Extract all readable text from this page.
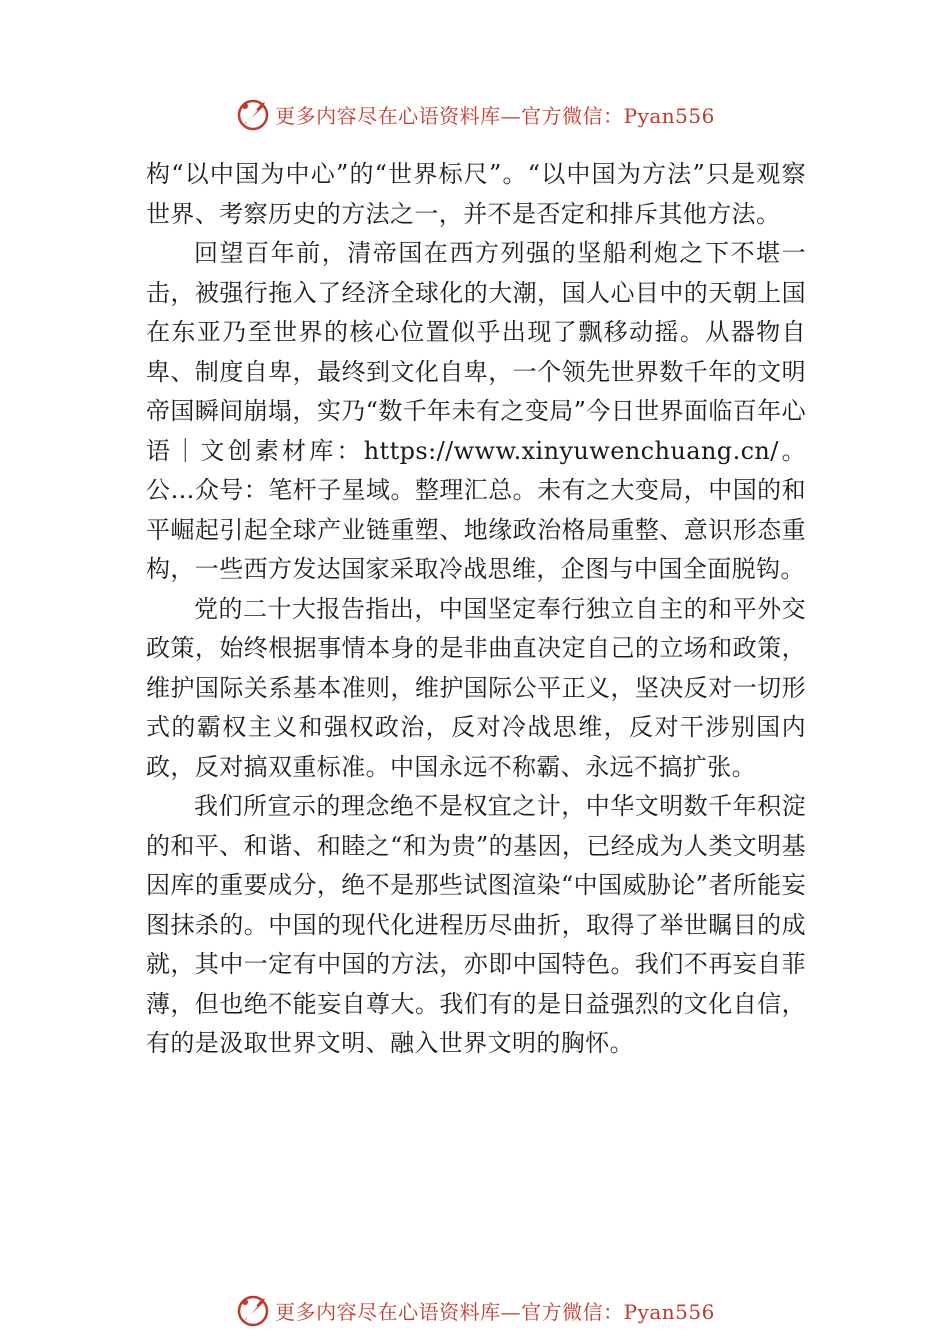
更多内容尽在心语资料库—官方微信：Pyan556

构“以中国为中心”的“世界标尺”。“以中国为方法”只是观察世界、考察历史的方法之一，并不是否定和排斥其他方法。

回望百年前，清帝国在西方列强的坚船利炮之下不堪一击，被强行拖入了经济全球化的大潮，国人心目中的天朝上国在东亚乃至世界的核心位置似乎出现了飘移动摇。从器物自卑、制度自卑，最终到文化自卑，一个领先世界数千年的文明帝国瞬间崩塌，实乃“数千年未有之变局”今日世界面临百年心语｜文创素材库：https://www.xinyuwenchuang.cn/。公…众号：笔杆子星域。整理汇总。未有之大变局，中国的和平崛起引起全球产业链重塑、地缘政治格局重整、意识形态重构，一些西方发达国家采取冷战思维，企图与中国全面脱钩。

党的二十大报告指出，中国坚定奉行独立自主的和平外交政策，始终根据事情本身的是非曲直决定自己的立场和政策，维护国际关系基本准则，维护国际公平正义，坚决反对一切形式的霸权主义和强权政治，反对冷战思维，反对干涉别国内政，反对搞双重标准。中国永远不称霸、永远不搞扩张。

我们所宣示的理念绝不是权宜之计，中华文明数千年积淀的和平、和谐、和睦之“和为贵”的基因，已经成为人类文明基因库的重要成分，绝不是那些试图渲染“中国威胁论”者所能妄图抹杀的。中国的现代化进程历尽曲折，取得了举世瞩目的成就，其中一定有中国的方法，亦即中国特色。我们不再妄自菲薄，但也绝不能妄自尊大。我们有的是日益强烈的文化自信，有的是汲取世界文明、融入世界文明的胸怀。

更多内容尽在心语资料库—官方微信：Pyan556
